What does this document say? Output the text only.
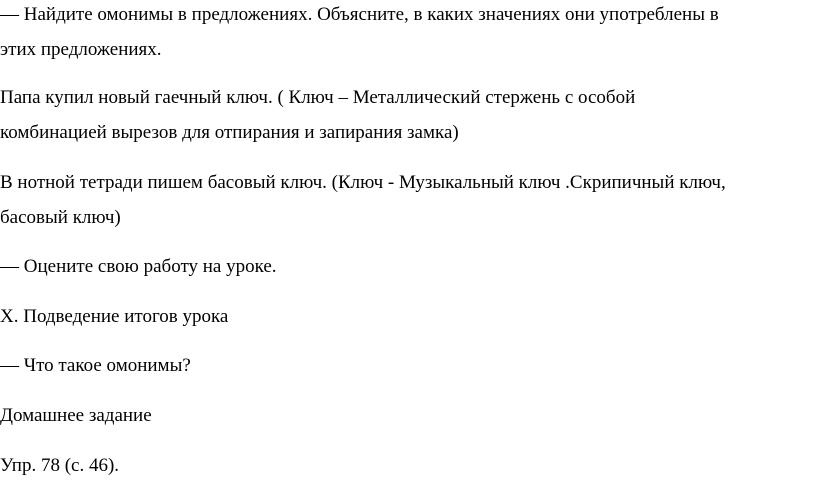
— Найдите омонимы в предложениях. Объясните, в каких значениях они употреблены в

этих предложениях.

Папа купил новый гаечный ключ. ( Ключ – Металлический стержень с особой

комбинацией вырезов для отпирания и запирания замка)

В нотной тетради пишем басовый ключ. (Ключ - Музыкальный ключ .Скрипичный ключ,

басовый ключ)

— Оцените свою работу на уроке.

X. Подведение итогов урока

— Что такое омонимы?

Домашнее задание

Упр. 78 (с. 46).
